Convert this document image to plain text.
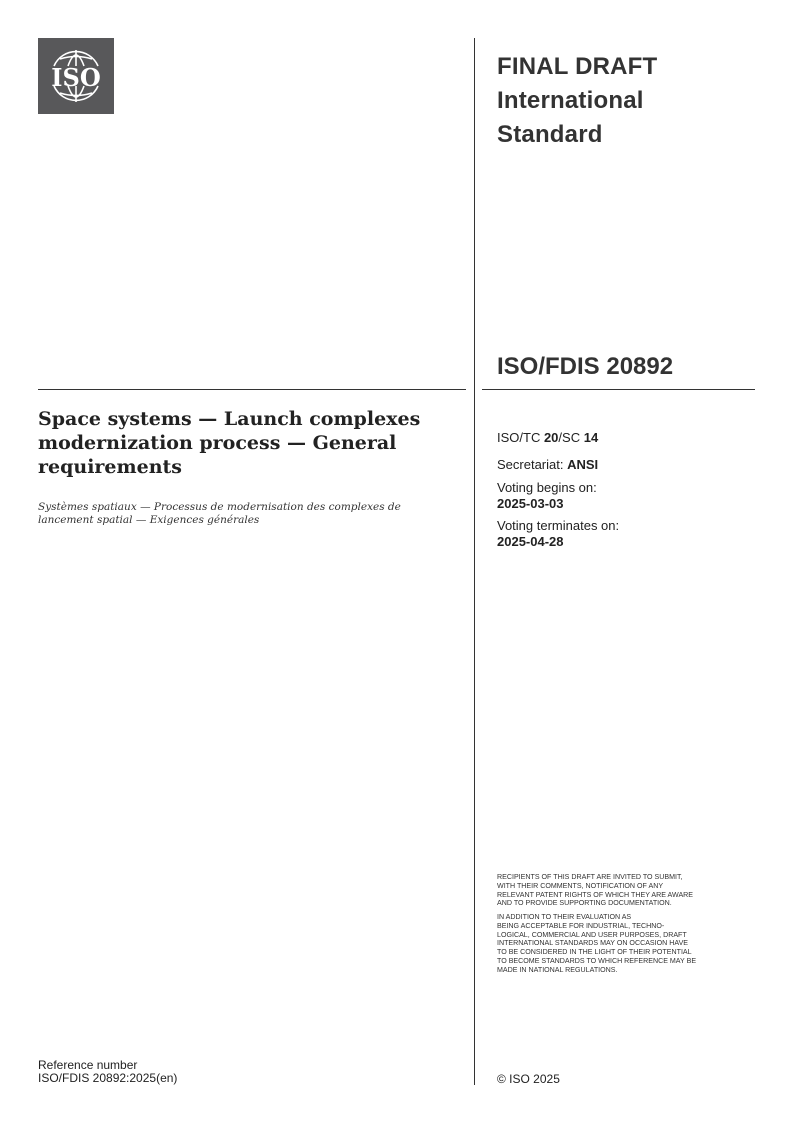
ISO	FINAL DRAFT
International
Standard
ISO/FDIS 20892
ISO/TC 20/SC 14
Secretariat: ANSI
Voting begins on:
2025-03-03
Voting terminates on:
2025-04-28
Space systems — Launch complexes modernization process — General requirements
Systèmes spatiaux — Processus de modernisation des complexes de lancement spatial — Exigences générales
RECIPIENTS OF THIS DRAFT ARE INVITED TO SUBMIT,
WITH THEIR COMMENTS, NOTIFICATION OF ANY
RELEVANT PATENT RIGHTS OF WHICH THEY ARE AWARE
AND TO PROVIDE SUPPORTING DOCUMENTATION.
IN ADDITION TO THEIR EVALUATION AS
BEING ACCEPTABLE FOR INDUSTRIAL, TECHNO-
LOGICAL, COMMERCIAL AND USER PURPOSES, DRAFT
INTERNATIONAL STANDARDS MAY ON OCCASION HAVE
TO BE CONSIDERED IN THE LIGHT OF THEIR POTENTIAL
TO BECOME STANDARDS TO WHICH REFERENCE MAY BE
MADE IN NATIONAL REGULATIONS.
Reference number
ISO/FDIS 20892:2025(en)	© ISO 2025
